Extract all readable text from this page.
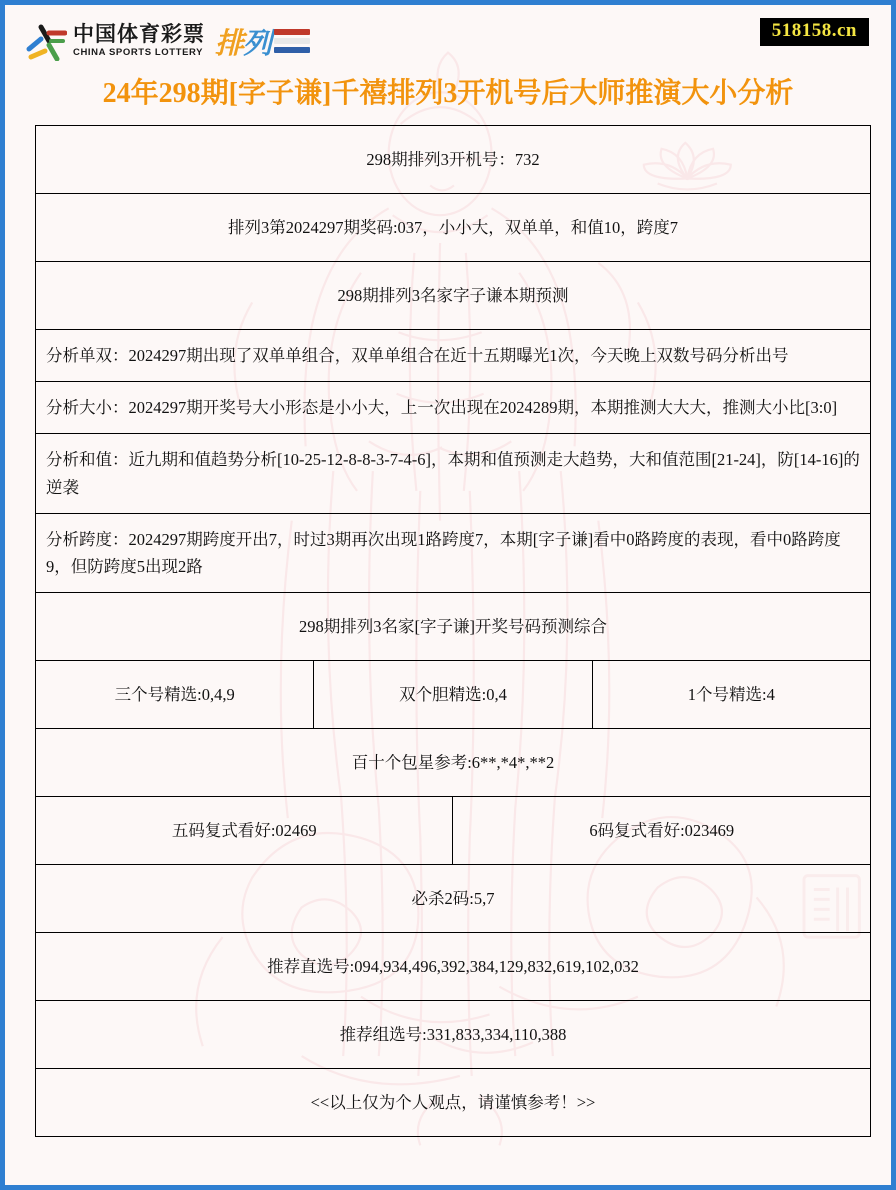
中国体育彩票
CHINA SPORTS LOTTERY 排 列	518158.cn
24年298期[字子谦]千禧排列3开机号后大师推演大小分析
298期排列3开机号：732			
排列3第2024297期奖码:037，小小大，双单单，和值10，跨度7			
298期排列3名家字子谦本期预测			
分析单双：2024297期出现了双单单组合，双单单组合在近十五期曝光1次，今天晚上双数号码分析出号			
分析大小：2024297期开奖号大小形态是小小大，上一次出现在2024289期，本期推测大大大，推测大小比[3:0]			
分析和值：近九期和值趋势分析[10-25-12-8-8-3-7-4-6]，本期和值预测走大趋势，大和值范围[21-24]，防[14-16]的逆袭			
分析跨度：2024297期跨度开出7，时过3期再次出现1路跨度7，本期[字子谦]看中0路跨度的表现，看中0路跨度9，但防跨度5出现2路			
298期排列3名家[字子谦]开奖号码预测综合			
三个号精选:0,4,9	双个胆精选:0,4		1个号精选:4
百十个包星参考:6**,*4*,**2			
五码复式看好:02469		6码复式看好:023469	
必杀2码:5,7			
推荐直选号:094,934,496,392,384,129,832,619,102,032			
推荐组选号:331,833,334,110,388			
<<以上仅为个人观点，请谨慎参考！>>			
